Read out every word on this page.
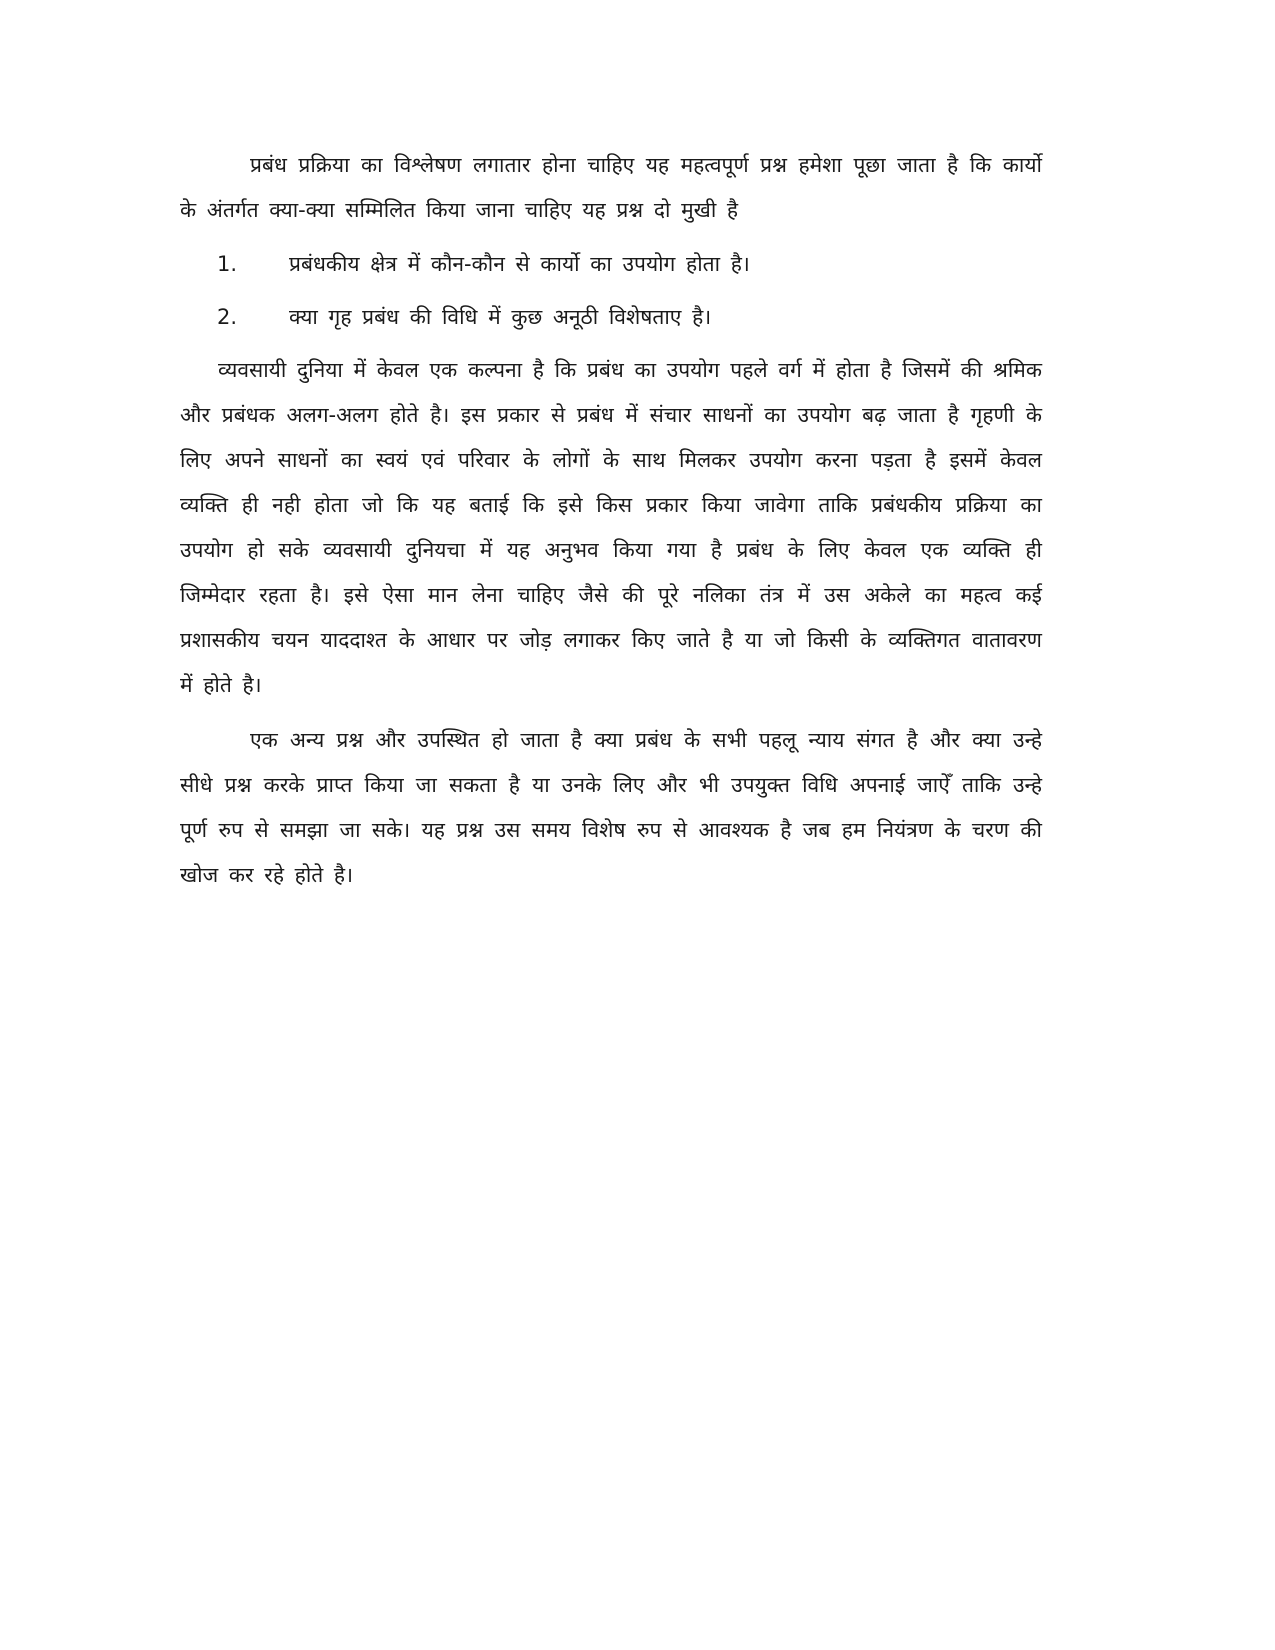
प्रबंध प्रक्रिया का विश्लेषण लगातार होना चाहिए यह महत्वपूर्ण प्रश्न हमेशा पूछा जाता है कि कार्यो के अंतर्गत क्या-क्या सम्मिलित किया जाना चाहिए यह प्रश्न दो मुखी है

1.	प्रबंधकीय क्षेत्र में कौन-कौन से कार्यो का उपयोग होता है।
2.	क्या गृह प्रबंध की विधि में कुछ अनूठी विशेषताए है।

व्यवसायी दुनिया में केवल एक कल्पना है कि प्रबंध का उपयोग पहले वर्ग में होता है जिसमें की श्रमिक और प्रबंधक अलग-अलग होते है। इस प्रकार से प्रबंध में संचार साधनों का उपयोग बढ़ जाता है गृहणी के लिए अपने साधनों का स्वयं एवं परिवार के लोगों के साथ मिलकर उपयोग करना पड़ता है इसमें केवल व्यक्ति ही नही होता जो कि यह बताई कि इसे किस प्रकार किया जावेगा ताकि प्रबंधकीय प्रक्रिया का उपयोग हो सके व्यवसायी दुनियचा में यह अनुभव किया गया है प्रबंध के लिए केवल एक व्यक्ति ही जिम्मेदार रहता है। इसे ऐसा मान लेना चाहिए जैसे की पूरे नलिका तंत्र में उस अकेले का महत्व कई प्रशासकीय चयन याददाश्त के आधार पर जोड़ लगाकर किए जाते है या जो किसी के व्यक्तिगत वातावरण में होते है।

एक अन्य प्रश्न और उपस्थित हो जाता है क्या प्रबंध के सभी पहलू न्याय संगत है और क्या उन्हे सीधे प्रश्न करके प्राप्त किया जा सकता है या उनके लिए और भी उपयुक्त विधि अपनाई जाऐँ ताकि उन्हे पूर्ण रुप से समझा जा सके। यह प्रश्न उस समय विशेष रुप से आवश्यक है जब हम नियंत्रण के चरण की खोज कर रहे होते है।
